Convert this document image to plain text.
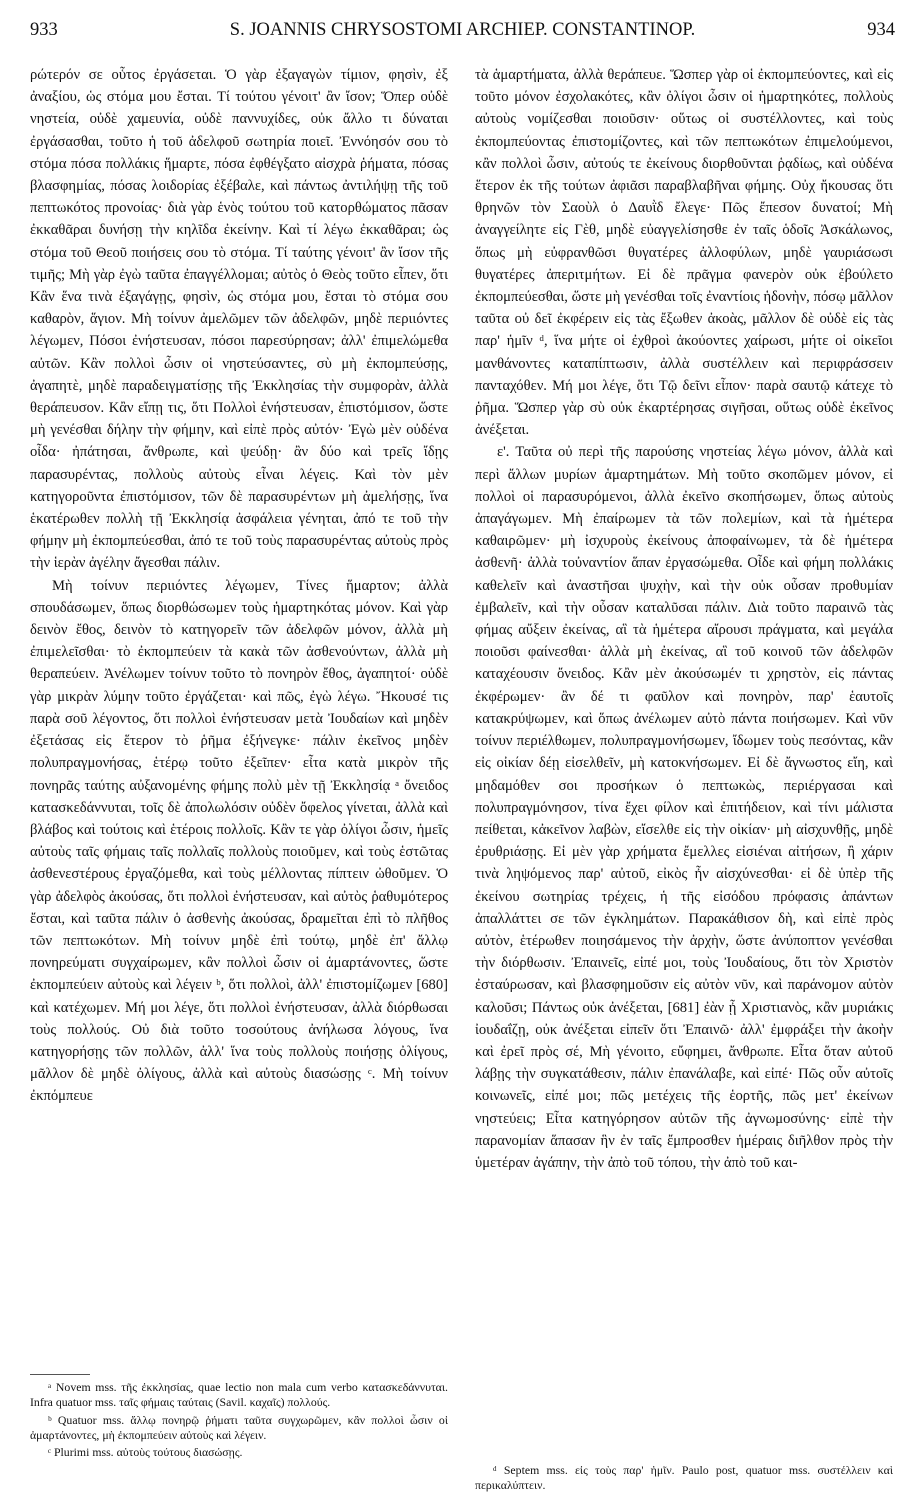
933	S. JOANNIS CHRYSOSTOMI ARCHIEP. CONSTANTINOP.	934

ρώτερόν σε οὗτος ἐργάσεται. Ὁ γὰρ ἐξαγαγὼν τίμιον, φησὶν, ἐξ ἀναξίου, ὡς στόμα μου ἔσται. Τί τούτου γένοιτ' ἂν ἴσον; Ὅπερ οὐδὲ νηστεία, οὐδὲ χαμευνία, οὐδὲ παννυχίδες, οὐκ ἄλλο τι δύναται ἐργάσασθαι, τοῦτο ἡ τοῦ ἀδελφοῦ σωτηρία ποιεῖ. Ἐννόησόν σου τὸ στόμα πόσα πολλάκις ἥμαρτε, πόσα ἐφθέγξατο αἰσχρὰ ῥήματα, πόσας βλασφημίας, πόσας λοιδορίας ἐξέβαλε, καὶ πάντως ἀντιλήψῃ τῆς τοῦ πεπτωκότος προνοίας· διὰ γὰρ ἑνὸς τούτου τοῦ κατορθώματος πᾶσαν ἐκκαθᾶραι δυνήσῃ τὴν κηλῖδα ἐκείνην. Καὶ τί λέγω ἐκκαθᾶραι; ὡς στόμα τοῦ Θεοῦ ποιήσεις σου τὸ στόμα. Τί ταύτης γένοιτ' ἂν ἴσον τῆς τιμῆς; Μὴ γὰρ ἐγὼ ταῦτα ἐπαγγέλλομαι; αὐτὸς ὁ Θεὸς τοῦτο εἶπεν, ὅτι Κἂν ἕνα τινὰ ἐξαγάγῃς, φησὶν, ὡς στόμα μου, ἔσται τὸ στόμα σου καθαρὸν, ἅγιον. Μὴ τοίνυν ἀμελῶμεν τῶν ἀδελφῶν, μηδὲ περιιόντες λέγωμεν, Πόσοι ἐνήστευσαν, πόσοι παρεσύρησαν; ἀλλ' ἐπιμελώμεθα αὐτῶν. Κἂν πολλοὶ ὦσιν οἱ νηστεύσαντες, σὺ μὴ ἐκπομπεύσῃς, ἀγαπητὲ, μηδὲ παραδειγματίσῃς τῆς Ἐκκλησίας τὴν συμφορὰν, ἀλλὰ θεράπευσον. Κἂν εἴπῃ τις, ὅτι Πολλοὶ ἐνήστευσαν, ἐπιστόμισον, ὥστε μὴ γενέσθαι δήλην τὴν φήμην, καὶ εἰπὲ πρὸς αὐτόν· Ἐγὼ μὲν οὐδένα οἶδα· ἠπάτησαι, ἄνθρωπε, καὶ ψεύδῃ· ἂν δύο καὶ τρεῖς ἴδῃς παρασυρέντας, πολλοὺς αὐτοὺς εἶναι λέγεις. Καὶ τὸν μὲν κατηγοροῦντα ἐπιστόμισον, τῶν δὲ παρασυρέντων μὴ ἀμελήσῃς, ἵνα ἑκατέρωθεν πολλὴ τῇ Ἐκκλησίᾳ ἀσφάλεια γένηται, ἀπό τε τοῦ τὴν φήμην μὴ ἐκπομπεύεσθαι, ἀπό τε τοῦ τοὺς παρασυρέντας αὐτοὺς πρὸς τὴν ἱερὰν ἀγέλην ἄγεσθαι πάλιν.

Μὴ τοίνυν περιιόντες λέγωμεν, Τίνες ἥμαρτον; ἀλλὰ σπουδάσωμεν, ὅπως διορθώσωμεν τοὺς ἡμαρτηκότας μόνον. Καὶ γὰρ δεινὸν ἔθος, δεινὸν τὸ κατηγορεῖν τῶν ἀδελφῶν μόνον, ἀλλὰ μὴ ἐπιμελεῖσθαι· τὸ ἐκπομπεύειν τὰ κακὰ τῶν ἀσθενούντων, ἀλλὰ μὴ θεραπεύειν. Ἀνέλωμεν τοίνυν τοῦτο τὸ πονηρὸν ἔθος, ἀγαπητοί· οὐδὲ γὰρ μικρὰν λύμην τοῦτο ἐργάζεται· καὶ πῶς, ἐγὼ λέγω. Ἤκουσέ τις παρὰ σοῦ λέγοντος, ὅτι πολλοὶ ἐνήστευσαν μετὰ Ἰουδαίων καὶ μηδὲν ἐξετάσας εἰς ἕτερον τὸ ῥῆμα ἐξήνεγκε· πάλιν ἐκεῖνος μηδὲν πολυπραγμονήσας, ἑτέρῳ τοῦτο ἐξεῖπεν· εἶτα κατὰ μικρὸν τῆς πονηρᾶς ταύτης αὐξανομένης φήμης πολὺ μὲν τῇ Ἐκκλησίᾳ ᵃ ὄνειδος κατασκεδάννυται, τοῖς δὲ ἀπολωλόσιν οὐδὲν ὄφελος γίνεται, ἀλλὰ καὶ βλάβος καὶ τούτοις καὶ ἑτέροις πολλοῖς. Κἂν τε γὰρ ὀλίγοι ὦσιν, ἡμεῖς αὐτοὺς ταῖς φήμαις ταῖς πολλαῖς πολλοὺς ποιοῦμεν, καὶ τοὺς ἑστῶτας ἀσθενεστέρους ἐργαζόμεθα, καὶ τοὺς μέλλοντας πίπτειν ὠθοῦμεν. Ὁ γὰρ ἀδελφὸς ἀκούσας, ὅτι πολλοὶ ἐνήστευσαν, καὶ αὐτὸς ῥαθυμότερος ἔσται, καὶ ταῦτα πάλιν ὁ ἀσθενὴς ἀκούσας, δραμεῖται ἐπὶ τὸ πλῆθος τῶν πεπτωκότων. Μὴ τοίνυν μηδὲ ἐπὶ τούτῳ, μηδὲ ἐπ' ἄλλῳ πονηρεύματι συγχαίρωμεν, κἂν πολλοὶ ὦσιν οἱ ἁμαρτάνοντες, ὥστε ἐκπομπεύειν αὐτοὺς καὶ λέγειν ᵇ, ὅτι πολλοὶ, ἀλλ' ἐπιστομίζωμεν [680] καὶ κατέχωμεν. Μή μοι λέγε, ὅτι πολλοὶ ἐνήστευσαν, ἀλλὰ διόρθωσαι τοὺς πολλούς. Οὐ διὰ τοῦτο τοσούτους ἀνήλωσα λόγους, ἵνα κατηγορήσῃς τῶν πολλῶν, ἀλλ' ἵνα τοὺς πολλοὺς ποιήσῃς ὀλίγους, μᾶλλον δὲ μηδὲ ὀλίγους, ἀλλὰ καὶ αὐτοὺς διασώσῃς ᶜ. Μὴ τοίνυν ἐκπόμπευε

τὰ ἁμαρτήματα, ἀλλὰ θεράπευε. Ὥσπερ γὰρ οἱ ἐκπομπεύοντες, καὶ εἰς τοῦτο μόνον ἐσχολακότες, κἂν ὀλίγοι ὦσιν οἱ ἡμαρτηκότες, πολλοὺς αὐτοὺς νομίζεσθαι ποιοῦσιν· οὕτως οἱ συστέλλοντες, καὶ τοὺς ἐκπομπεύοντας ἐπιστομίζοντες, καὶ τῶν πεπτωκότων ἐπιμελούμενοι, κἂν πολλοὶ ὦσιν, αὐτούς τε ἐκείνους διορθοῦνται ῥᾳδίως, καὶ οὐδένα ἕτερον ἐκ τῆς τούτων ἀφιᾶσι παραβλαβῆναι φήμης. Οὐχ ἤκουσας ὅτι θρηνῶν τὸν Σαοὺλ ὁ Δαυῒδ ἔλεγε· Πῶς ἔπεσον δυνατοί; Μὴ ἀναγγείλητε εἰς Γὲθ, μηδὲ εὐαγγελίσησθε ἐν ταῖς ὁδοῖς Ἀσκάλωνος, ὅπως μὴ εὐφρανθῶσι θυγατέρες ἀλλοφύλων, μηδὲ γαυριάσωσι θυγατέρες ἀπεριτμήτων. Εἰ δὲ πρᾶγμα φανερὸν οὐκ ἐβούλετο ἐκπομπεύεσθαι, ὥστε μὴ γενέσθαι τοῖς ἐναντίοις ἡδονὴν, πόσῳ μᾶλλον ταῦτα οὐ δεῖ ἐκφέρειν εἰς τὰς ἔξωθεν ἀκοὰς, μᾶλλον δὲ οὐδὲ εἰς τὰς παρ' ἡμῖν ᵈ, ἵνα μήτε οἱ ἐχθροὶ ἀκούοντες χαίρωσι, μήτε οἱ οἰκεῖοι μανθάνοντες καταπίπτωσιν, ἀλλὰ συστέλλειν καὶ περιφράσσειν πανταχόθεν. Μή μοι λέγε, ὅτι Τῷ δεῖνι εἶπον· παρὰ σαυτῷ κάτεχε τὸ ῥῆμα. Ὥσπερ γὰρ σὺ οὐκ ἐκαρτέρησας σιγῆσαι, οὕτως οὐδὲ ἐκεῖνος ἀνέξεται.

ε'. Ταῦτα οὐ περὶ τῆς παρούσης νηστείας λέγω μόνον, ἀλλὰ καὶ περὶ ἄλλων μυρίων ἁμαρτημάτων. Μὴ τοῦτο σκοπῶμεν μόνον, εἰ πολλοὶ οἱ παρασυρόμενοι, ἀλλὰ ἐκεῖνο σκοπήσωμεν, ὅπως αὐτοὺς ἀπαγάγωμεν. Μὴ ἐπαίρωμεν τὰ τῶν πολεμίων, καὶ τὰ ἡμέτερα καθαιρῶμεν· μὴ ἰσχυροὺς ἐκείνους ἀποφαίνωμεν, τὰ δὲ ἡμέτερα ἀσθενῆ· ἀλλὰ τοὐναντίον ἅπαν ἐργασώμεθα. Οἶδε καὶ φήμη πολλάκις καθελεῖν καὶ ἀναστῆσαι ψυχὴν, καὶ τὴν οὐκ οὖσαν προθυμίαν ἐμβαλεῖν, καὶ τὴν οὖσαν καταλῦσαι πάλιν. Διὰ τοῦτο παραινῶ τὰς φήμας αὔξειν ἐκείνας, αἳ τὰ ἡμέτερα αἴρουσι πράγματα, καὶ μεγάλα ποιοῦσι φαίνεσθαι· ἀλλὰ μὴ ἐκείνας, αἳ τοῦ κοινοῦ τῶν ἀδελφῶν καταχέουσιν ὄνειδος. Κἂν μὲν ἀκούσωμέν τι χρηστὸν, εἰς πάντας ἐκφέρωμεν· ἂν δέ τι φαῦλον καὶ πονηρὸν, παρ' ἑαυτοῖς κατακρύψωμεν, καὶ ὅπως ἀνέλωμεν αὐτὸ πάντα ποιήσωμεν. Καὶ νῦν τοίνυν περιέλθωμεν, πολυπραγμονήσωμεν, ἴδωμεν τοὺς πεσόντας, κἂν εἰς οἰκίαν δέῃ εἰσελθεῖν, μὴ κατοκνήσωμεν. Εἰ δὲ ἄγνωστος εἴη, καὶ μηδαμόθεν σοι προσήκων ὁ πεπτωκὼς, περιέργασαι καὶ πολυπραγμόνησον, τίνα ἔχει φίλον καὶ ἐπιτήδειον, καὶ τίνι μάλιστα πείθεται, κἀκεῖνον λαβὼν, εἴσελθε εἰς τὴν οἰκίαν· μὴ αἰσχυνθῇς, μηδὲ ἐρυθριάσῃς. Εἰ μὲν γὰρ χρήματα ἔμελλες εἰσιέναι αἰτήσων, ἢ χάριν τινὰ ληψόμενος παρ' αὐτοῦ, εἰκὸς ἦν αἰσχύνεσθαι· εἰ δὲ ὑπὲρ τῆς ἐκείνου σωτηρίας τρέχεις, ἡ τῆς εἰσόδου πρόφασις ἁπάντων ἀπαλλάττει σε τῶν ἐγκλημάτων. Παρακάθισον δὴ, καὶ εἰπὲ πρὸς αὐτὸν, ἑτέρωθεν ποιησάμενος τὴν ἀρχὴν, ὥστε ἀνύποπτον γενέσθαι τὴν διόρθωσιν. Ἐπαινεῖς, εἰπέ μοι, τοὺς Ἰουδαίους, ὅτι τὸν Χριστὸν ἐσταύρωσαν, καὶ βλασφημοῦσιν εἰς αὐτὸν νῦν, καὶ παράνομον αὐτὸν καλοῦσι; Πάντως οὐκ ἀνέξεται, [681] ἐὰν ᾖ Χριστιανὸς, κἂν μυριάκις ἰουδαΐζῃ, οὐκ ἀνέξεται εἰπεῖν ὅτι Ἐπαινῶ· ἀλλ' ἐμφράξει τὴν ἀκοὴν καὶ ἐρεῖ πρὸς σέ, Μὴ γένοιτο, εὔφημει, ἄνθρωπε. Εἶτα ὅταν αὐτοῦ λάβῃς τὴν συγκατάθεσιν, πάλιν ἐπανάλαβε, καὶ εἰπέ· Πῶς οὖν αὐτοῖς κοινωνεῖς, εἰπέ μοι; πῶς μετέχεις τῆς ἑορτῆς, πῶς μετ' ἐκείνων νηστεύεις; Εἶτα κατηγόρησον αὐτῶν τῆς ἀγνωμοσύνης· εἰπὲ τὴν παρανομίαν ἅπασαν ἣν ἐν ταῖς ἔμπροσθεν ἡμέραις διῆλθον πρὸς τὴν ὑμετέραν ἀγάπην, τὴν ἀπὸ τοῦ τόπου, τὴν ἀπὸ τοῦ και-

ᵃ Novem mss. τῆς ἐκκλησίας, quae lectio non mala cum verbo κατασκεδάννυται. Infra quatuor mss. ταῖς φήμαις ταύταις (Savil. καχαῖς) πολλούς.

ᵇ Quatuor mss. ἄλλῳ πονηρῷ ῥήματι ταῦτα συγχωρῶμεν, κἂν πολλοὶ ὦσιν οἱ ἁμαρτάνοντες, μὴ ἐκπομπεύειν αὐτοὺς καὶ λέγειν.

ᶜ Plurimi mss. αὐτοὺς τούτους διασώσῃς.

ᵈ Septem mss. εἰς τοὺς παρ' ἡμῖν. Paulo post, quatuor mss. συστέλλειν καὶ περικαλύπτειν.
